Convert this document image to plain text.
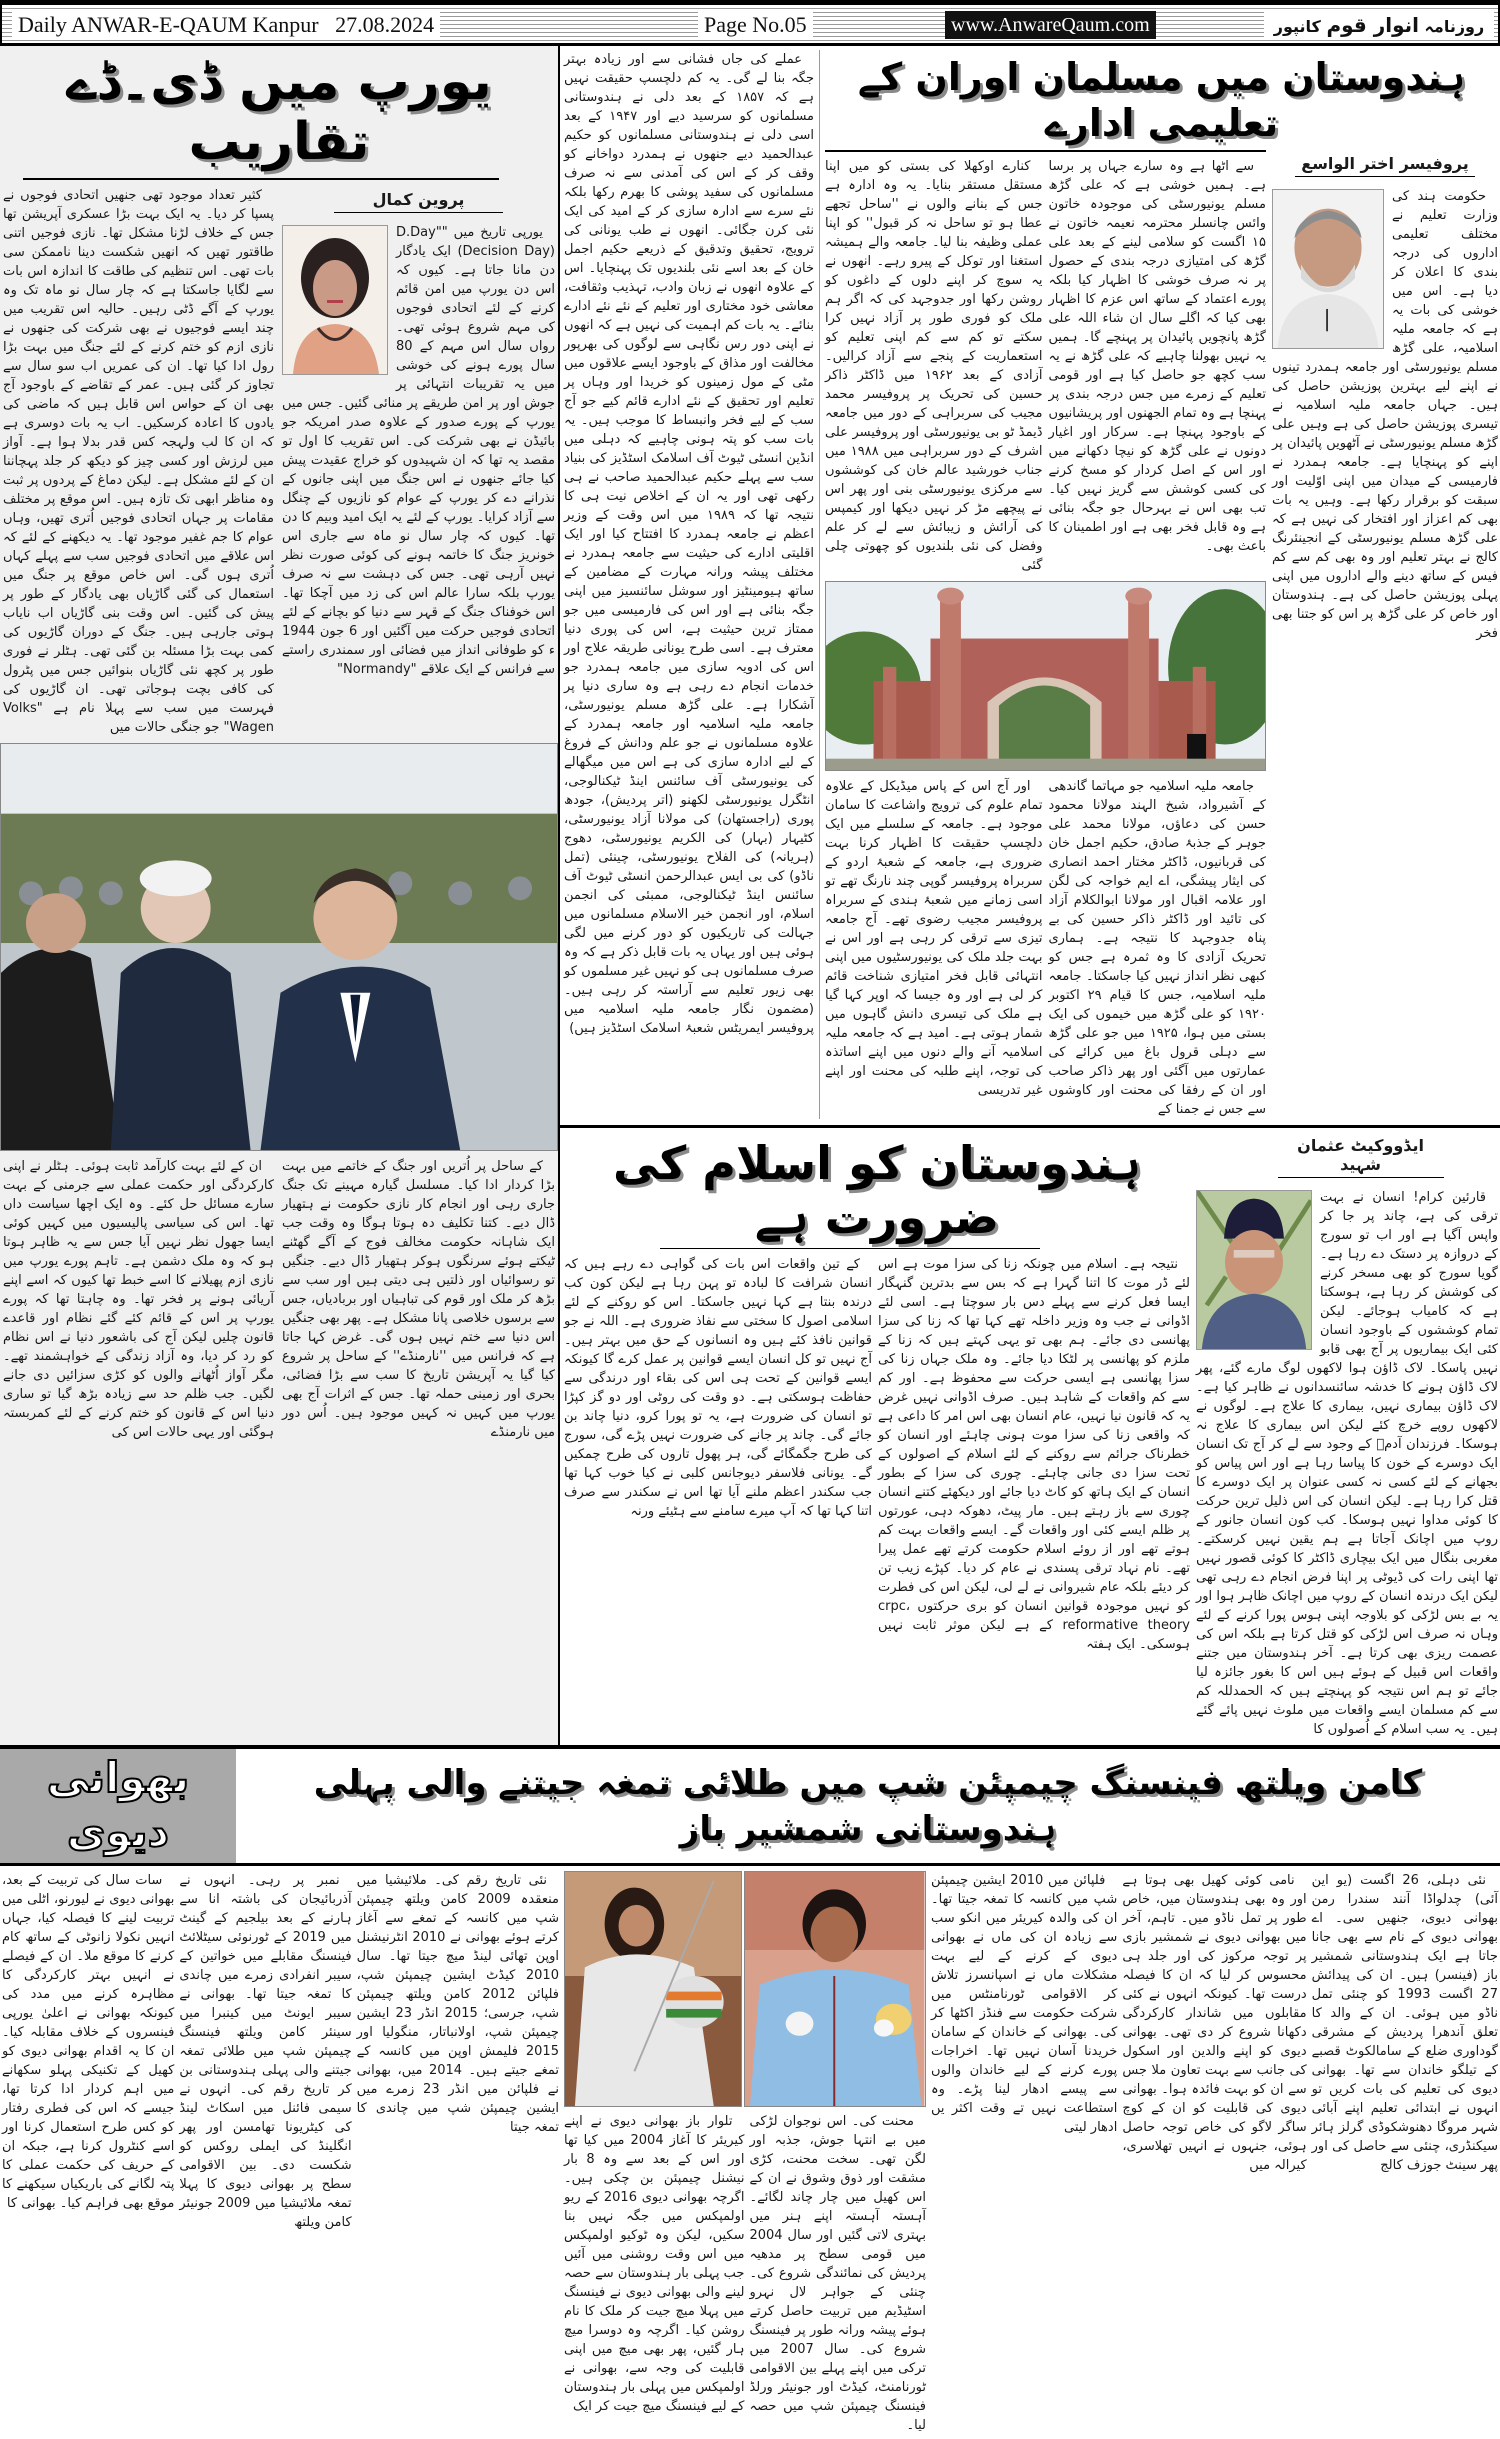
Daily ANWAR-E-QAUM Kanpur 27.08.2024	Page No.05	www.AnwareQaum.com	روزنامہ انوار قوم کانپور
یورپ میں ڈی۔ڈے تقاریب

کثیر تعداد موجود تھی جنھیں اتحادی فوجوں نے پسپا کر دیا۔ یہ ایک بہت بڑا عسکری آپریشن تھا جس کے خلاف لڑنا مشکل تھا۔ نازی فوجیں اتنی طاقتور تھیں کہ انھیں شکست دینا ناممکن سی بات تھی۔ اس تنظیم کی طاقت کا اندازہ اس بات سے لگایا جاسکتا ہے کہ چار سال نو ماہ تک وہ یورپ کے آگے ڈٹی رہیں۔ حالیہ اس تقریب میں چند ایسے فوجیوں نے بھی شرکت کی جنھوں نے نازی ازم کو ختم کرنے کے لئے جنگ میں بہت بڑا رول ادا کیا تھا۔ ان کی عمریں اب سو سال سے تجاوز کر گئی ہیں۔ عمر کے تقاضے کے باوجود آج بھی ان کے حواس اس قابل ہیں کہ ماضی کی یادوں کا اعادہ کرسکیں۔ اب یہ بات دوسری ہے کہ ان کا لب ولہجہ کس قدر بدلا ہوا ہے۔ آواز میں لرزش اور کسی چیز کو دیکھ کر جلد پہچاننا ان کے لئے مشکل ہے۔ لیکن دماغ کے پردوں پر ثبت وہ مناظر ابھی تک تازہ ہیں۔ اس موقع پر مختلف مقامات پر جہاں اتحادی فوجیں اُتری تھیں، وہاں عوام کا جم غفیر موجود تھا۔ یہ دیکھنے کے لئے کہ اس علاقے میں اتحادی فوجیں سب سے پہلے کہاں اُتری ہوں گی۔ اس خاص موقع پر جنگ میں استعمال کی گئی گاڑیاں بھی یادگار کے طور پر پیش کی گئیں۔ اس وقت بنی گاڑیاں اب نایاب ہوتی جارہی ہیں۔ جنگ کے دوران گاڑیوں کی کمی بہت بڑا مسئلہ بن گئی تھی۔ ہٹلر نے فوری طور پر کچھ نئی گاڑیاں بنوائیں جس میں پٹرول کی کافی بچت ہوجاتی تھی۔ ان گاڑیوں کی فہرست میں سب سے پہلا نام ہے "Volks Wagen" جو جنگی حالات میں

پروین کمال

یورپی تاریخ میں "D.Day" (Decision Day) ایک یادگار دن مانا جاتا ہے۔ کیوں کہ اس دن یورپ میں امن قائم کرنے کے لئے اتحادی فوجوں کی مہم شروع ہوئی تھی۔ رواں سال اس مہم کے 80 سال پورے ہونے کی خوشی میں یہ تقریبات انتہائی پر جوش اور پر امن طریقے پر منائی گئیں۔ جس میں یورپ کے پورے صدور کے علاوہ صدر امریکہ جو بائیڈن نے بھی شرکت کی۔ اس تقریب کا اول تو مقصد یہ تھا کہ ان شہیدوں کو خراج عقیدت پیش کیا جائے جنھوں نے اس جنگ میں اپنی جانوں کے نذرانے دے کر یورپ کے عوام کو نازیوں کے چنگل سے آزاد کرایا۔ یورپ کے لئے یہ ایک امید وبیم کا دن تھا۔ کیوں کہ چار سال نو ماہ سے جاری اس خونریز جنگ کا خاتمہ ہونے کی کوئی صورت نظر نہیں آرہی تھی۔ جس کی دہشت سے نہ صرف یورپ بلکہ سارا عالم اس کی زد میں آچکا تھا۔ اس خوفناک جنگ کے قہر سے دنیا کو بچانے کے لئے اتحادی فوجیں حرکت میں آگئیں اور 6 جون 1944 ء کو طوفانی انداز میں فضائی اور سمندری راستے سے فرانس کے ایک علاقے "Normandy"

ان کے لئے بہت کارآمد ثابت ہوئی۔ ہٹلر نے اپنی کارکردگی اور حکمت عملی سے جرمنی کے بہت سارے مسائل حل کئے۔ وہ ایک اچھا سیاست داں تھا۔ اس کی سیاسی پالیسیوں میں کہیں کوئی ایسا جھول نظر نہیں آیا جس سے یہ ظاہر ہوتا ہو کہ وہ ملک دشمن ہے۔ تاہم پورے یورپ میں نازی ازم پھیلانے کا اسے خبط تھا کیوں کہ اسے اپنے آریائی ہونے پر فخر تھا۔ وہ چاہتا تھا کہ پورے یورپ پر اس کے قائم کئے گئے نظام اور قاعدے قانون چلیں لیکن آج کی باشعور دنیا نے اس نظام کو رد کر دیا، وہ آزاد زندگی کے خواہشمند تھے۔ مگر آواز اُٹھانے والوں کو کڑی سزائیں دی جانے لگیں۔ جب ظلم حد سے زیادہ بڑھ گیا تو ساری دنیا اس کے قانون کو ختم کرنے کے لئے کمربستہ ہوگئی اور یہی حالات اس کی

کے ساحل پر اُتریں اور جنگ کے خاتمے میں بہت بڑا کردار ادا کیا۔ مسلسل گیارہ مہینے تک جنگ جاری رہی اور انجام کار نازی حکومت نے ہتھیار ڈال دیے۔ کتنا تکلیف دہ ہوتا ہوگا وہ وقت جب ایک شاہانہ حکومت مخالف فوج کے آگے گھٹنے ٹیکتے ہوئے سرنگوں ہوکر ہتھیار ڈال دیے۔ جنگیں تو رسوائیاں اور ذلتیں ہی دیتی ہیں اور سب سے بڑھ کر ملک اور قوم کی تباہیاں اور بربادیاں، جس سے برسوں خلاصی پانا مشکل ہے۔ پھر بھی جنگیں اس دنیا سے ختم نہیں ہوں گی۔ غرض کہا جاتا ہے کہ فرانس میں ''نارمنڈے'' کے ساحل پر شروع کیا گیا یہ آپریشن تاریخ کا سب سے بڑا فضائی، بحری اور زمینی حملہ تھا۔ جس کے اثرات آج بھی یورپ میں کہیں نہ کہیں موجود ہیں۔ اُس دور میں نارمنڈے

عملے کی جاں فشانی سے اور زیادہ بہتر جگہ بنا لے گی۔ یہ کم دلچسپ حقیقت نہیں ہے کہ ۱۸۵۷ کے بعد دلی نے ہندوستانی مسلمانوں کو سرسید دیے اور ۱۹۴۷ کے بعد اسی دلی نے ہندوستانی مسلمانوں کو حکیم عبدالحمید دیے جنھوں نے ہمدرد دواخانے کو وقف کر کے اس کی آمدنی سے نہ صرف مسلمانوں کی سفید پوشی کا بھرم رکھا بلکہ نئے سرے سے ادارہ سازی کر کے امید کی ایک نئی کرن جگائی۔ انھوں نے طب یونانی کی ترویج، تحقیق وتدقیق کے ذریعے حکیم اجمل خان کے بعد اسے نئی بلندیوں تک پہنچایا۔ اس کے علاوہ انھوں نے زبان وادب، تہذیب وثقافت، معاشی خود مختاری اور تعلیم کے نئے نئے ادارے بنائے۔ یہ بات کم اہمیت کی نہیں ہے کہ انھوں نے اپنی دور رس نگاہی سے لوگوں کی بھرپور مخالفت اور مذاق کے باوجود ایسے علاقوں میں مٹی کے مول زمینوں کو خریدا اور وہاں پر تعلیم اور تحقیق کے نئے ادارے قائم کیے جو آج سب کے لیے فخر وانبساط کا موجب ہیں۔ یہ بات سب کو پتہ ہونی چاہیے کہ دہلی میں انڈین انسٹی ٹیوٹ آف اسلامک اسٹڈیز کی بنیاد سب سے پہلے حکیم عبدالحمید صاحب نے ہی رکھی تھی اور یہ ان کے اخلاص نیت ہی کا نتیجہ تھا کہ ۱۹۸۹ میں اس وقت کے وزیر اعظم نے جامعہ ہمدرد کا افتتاح کیا اور ایک اقلیتی ادارے کی حیثیت سے جامعہ ہمدرد نے مختلف پیشہ ورانہ مہارت کے مضامین کے ساتھ ہیومینٹیز اور سوشل سائنسیز میں اپنی جگہ بنائی ہے اور اس کی فارمیسی میں جو ممتاز ترین حیثیت ہے، اس کی پوری دنیا معترف ہے۔ اسی طرح یونانی طریقہ علاج اور اس کی ادویہ سازی میں جامعہ ہمدرد جو خدمات انجام دے رہی ہے وہ ساری دنیا پر آشکارا ہے۔ علی گڑھ مسلم یونیورسٹی، جامعہ ملیہ اسلامیہ اور جامعہ ہمدرد کے علاوہ مسلمانوں نے جو علم ودانش کے فروغ کے لیے ادارہ سازی کی ہے اس میں میگھالے کی یونیورسٹی آف سائنس اینڈ ٹیکنالوجی، انٹگرل یونیورسٹی لکھنو (اتر پردیش)، جودھ پوری (راجستھان) کی مولانا آزاد یونیورسٹی، کٹیہار (بہار) کی الکریم یونیورسٹی، دھوج (ہریانہ) کی الفلاح یونیورسٹی، چینئی (تمل ناڈو) کی بی ایس عبدالرحمن انسٹی ٹیوٹ آف سائنس اینڈ ٹیکنالوجی، ممبئی کی انجمن اسلام، اور انجمن خیر الاسلام مسلمانوں میں جہالت کی تاریکیوں کو دور کرنے میں لگی ہوئی ہیں اور یہاں یہ بات قابل ذکر ہے کہ وہ صرف مسلمانوں ہی کو نہیں غیر مسلموں کو بھی زیور تعلیم سے آراستہ کر رہی ہیں۔ (مضمون نگار جامعہ ملیہ اسلامیہ میں پروفیسر ایمریٹس شعبۂ اسلامک اسٹڈیز ہیں)

ہندوستان میں مسلمان اوران کے تعلیمی ادارے

کنارے اوکھلا کی بستی کو میں اپنا مستقل مستقر بنایا۔ یہ وہ ادارہ ہے جس کے بنانے والوں نے ''ساحل تجھے عطا ہو تو ساحل نہ کر قبول'' کو اپنا عملی وظیفہ بنا لیا۔ جامعہ والے ہمیشہ استغنا اور توکل کے پیرو رہے۔ انھوں نے یہ سوچ کر اپنے دلوں کے داغوں کو روشن رکھا اور جدوجہد کی کہ اگر ہم ملک کو فوری طور پر آزاد نہیں کرا سکتے تو کم سے کم اپنی تعلیم کو استعماریت کے پنجے سے آزاد کرالیں۔ آزادی کے بعد ۱۹۶۲ میں ڈاکٹر ذاکر حسین کی تحریک پر پروفیسر محمد مجیب کی سربراہی کے دور میں جامعہ ڈیمڈ ٹو بی یونیورسٹی اور پروفیسر علی اشرف کے دور سربراہی میں ۱۹۸۸ میں جناب خورشید عالم خان کی کوششوں سے مرکزی یونیورسٹی بنی اور پھر اس نے پیچھے مڑ کر نہیں دیکھا اور کیمپس کی آرائش و زیبائش سے لے کر علم وفضل کی نئی بلندیوں کو چھوتی چلی گئی

سے اٹھا ہے وہ سارے جہاں پر برسا ہے۔ ہمیں خوشی ہے کہ علی گڑھ مسلم یونیورسٹی کی موجودہ خاتون وائس چانسلر محترمہ نعیمہ خاتون نے ۱۵ اگست کو سلامی لینے کے بعد علی گڑھ کی امتیازی درجہ بندی کے حصول پر نہ صرف خوشی کا اظہار کیا بلکہ پورے اعتماد کے ساتھ اس عزم کا اظہار بھی کیا کہ اگلے سال ان شاء اللہ علی گڑھ پانچویں پائیدان پر پہنچے گا۔ ہمیں یہ نہیں بھولنا چاہیے کہ علی گڑھ نے یہ سب کچھ جو حاصل کیا ہے اور قومی تعلیم کے زمرے میں جس درجہ بندی پر پہنچا ہے وہ تمام الجھنوں اور پریشانیوں کے باوجود پہنچا ہے۔ سرکار اور اغیار دونوں نے علی گڑھ کو نیچا دکھانے میں اور اس کے اصل کردار کو مسخ کرنے کی کسی کوشش سے گریز نہیں کیا۔ تب بھی اس نے بہرحال جو جگہ بنائی ہے وہ قابل فخر بھی ہے اور اطمینان کا باعث بھی۔

اور آج اس کے پاس میڈیکل کے علاوہ تمام علوم کی ترویج واشاعت کا سامان موجود ہے۔ جامعہ کے سلسلے میں ایک دلچسپ حقیقت کا اظہار کرنا بہت ضروری ہے، جامعہ کے شعبۂ اردو کے سربراہ پروفیسر گوپی چند نارنگ تھے تو اسی زمانے میں شعبۂ ہندی کے سربراہ پروفیسر مجیب رضوی تھے۔ آج جامعہ تیزی سے ترقی کر رہی ہے اور اس نے بہت جلد ملک کی یونیورسٹیوں میں اپنی انتہائی قابل فخر امتیازی شناخت قائم کر لی ہے اور وہ جیسا کہ اوپر کہا گیا ہے ملک کی تیسری دانش گاہوں میں شمار ہوتی ہے۔ امید ہے کہ جامعہ ملیہ اسلامیہ آنے والے دنوں میں اپنے اساتذہ کی توجہ، اپنے طلبہ کی محنت اور اپنے غیر تدریسی

جامعہ ملیہ اسلامیہ جو مہاتما گاندھی کے آشیرواد، شیخ الہند مولانا محمود حسن کی دعاؤں، مولانا محمد علی جوہر کے جذبۂ صادق، حکیم اجمل خان کی قربانیوں، ڈاکٹر مختار احمد انصاری کی ایثار پیشگی، اے ایم خواجہ کی لگن اور علامہ اقبال اور مولانا ابوالکلام آزاد کی تائید اور ڈاکٹر ذاکر حسین کی بے پناہ جدوجہد کا نتیجہ ہے۔ ہماری تحریک آزادی کا وہ ثمرہ ہے جس کو کبھی نظر انداز نہیں کیا جاسکتا۔ جامعہ ملیہ اسلامیہ، جس کا قیام ۲۹ اکتوبر ۱۹۲۰ کو علی گڑھ میں خیموں کی ایک بستی میں ہوا، ۱۹۲۵ میں جو علی گڑھ سے دہلی قرول باغ میں کرائے کی عمارتوں میں آگئی اور پھر ذاکر صاحب اور ان کے رفقا کی محنت اور کاوشوں سے جس نے جمنا کے

پروفیسر اختر الواسع

حکومت ہند کی وزارت تعلیم نے مختلف تعلیمی اداروں کی درجہ بندی کا اعلان کر دیا ہے۔ اس میں خوشی کی بات یہ ہے کہ جامعہ ملیہ اسلامیہ، علی گڑھ مسلم یونیورسٹی اور جامعہ ہمدرد تینوں نے اپنے لیے بہترین پوزیشن حاصل کی ہیں۔ جہاں جامعہ ملیہ اسلامیہ نے تیسری پوزیشن حاصل کی ہے وہیں علی گڑھ مسلم یونیورسٹی نے آٹھویں پائیدان پر اپنے کو پہنچایا ہے۔ جامعہ ہمدرد نے فارمیسی کے میدان میں اپنی اوّلیت اور سبقت کو برقرار رکھا ہے۔ وہیں یہ بات بھی کم اعزاز اور افتخار کی نہیں ہے کہ علی گڑھ مسلم یونیورسٹی کے انجینئرنگ کالج نے بہتر تعلیم اور وہ بھی کم سے کم فیس کے ساتھ دینے والے اداروں میں اپنی پہلی پوزیشن حاصل کی ہے۔ ہندوستان اور خاص کر علی گڑھ پر اس کو جتنا بھی فخر

ہندوستان کو اسلام کی ضرورت ہے

کے تین واقعات اس بات کی گواہی دے رہے ہیں کہ انسان شرافت کا لبادہ تو پہن رہا ہے لیکن کون کب درندہ بنتا ہے کہا نہیں جاسکتا۔ اس کو روکنے کے لئے اسلامی اصول کا سختی سے نفاذ ضروری ہے۔ اللہ نے جو قوانین نافذ کئے ہیں وہ انسانوں کے حق میں بہتر ہیں۔ آج نہیں تو کل انسان ایسے قوانین پر عمل کرے گا کیونکہ ایسے قوانین کے تحت ہی اس کی بقاء اور درندگی سے حفاظت ہوسکتی ہے۔ دو وقت کی روٹی اور دو گز کپڑا تو انسان کی ضرورت ہے، یہ تو پورا کرو، دنیا چاند بن جائے گی۔ چاند پر جانے کی ضرورت نہیں پڑے گی، سورج کی طرح جگمگائے گی، ہر پھول تاروں کی طرح چمکیں گے۔ یونانی فلاسفر دیوجانس کلبی نے کیا خوب کہا تھا جب سکندر اعظم ملنے آیا تھا اس نے سکندر سے صرف اتنا کہا تھا کہ آپ میرے سامنے سے ہٹیئے ورنہ

نتیجہ ہے۔ اسلام میں چونکہ زنا کی سزا موت ہے اس لئے ڈر موت کا اتنا گہرا ہے کہ بس سے بدترین گنہگار ایسا فعل کرنے سے پہلے دس بار سوچتا ہے۔ اسی لئے اڈوانی نے جب وہ وزیر داخلہ تھے کہا تھا کہ زنا کی سزا پھانسی دی جائے۔ ہم بھی تو یہی کہتے ہیں کہ زنا کے ملزم کو پھانسی پر لٹکا دیا جائے۔ وہ ملک جہاں زنا کی سزا پھانسی ہے ایسی حرکت سے محفوظ ہے۔ اور کم سے کم واقعات کے شاہد ہیں۔ صرف اڈوانی نہیں غرض یہ کہ قانون نیا نہیں، عام انسان بھی اس امر کا داعی ہے کہ واقعی زنا کی سزا موت ہونی چاہئے اور انسان کو خطرناک جرائم سے روکنے کے لئے اسلام کے اصولوں کے تحت سزا دی جانی چاہئے۔ چوری کی سزا کے بطور انسان کے ایک ہاتھ کو کاٹ دیا جائے اور دیکھئے کتنے انسان چوری سے باز رہتے ہیں۔ مار پیٹ، دھوکہ دہی، عورتوں پر ظلم ایسے کئی اور واقعات گے۔ ایسے واقعات بہت کم ہوتے تھے اور از روئے اسلام حکومت کرتے تھے عمل پیرا تھے۔ نام نہاد ترقی پسندی نے عام کر دیا۔ کپڑے زیب تن کر دیئے بلکہ عام شیروانی نے لے لی، لیکن اس کی فطرت کو نہیں موجودہ قوانین انسان کو بری حرکتوں crpc، reformative theory کے ہے لیکن موثر ثابت نہیں ہوسکی۔ ایک ہفتہ

ایڈووکیٹ عثمان شہید

قارئین کرام! انسان نے بہت ترقی کی ہے، چاند پر جا کر واپس آگیا ہے اور اب تو سورج کے دروازہ پر دستک دے رہا ہے۔ گویا سورج کو بھی مسخر کرنے کی کوشش کر رہا ہے، ہوسکتا ہے کہ کامیاب ہوجائے۔ لیکن تمام کوششوں کے باوجود انسان کئی ایک بیماریوں پر آج بھی قابو نہیں پاسکا۔ لاک ڈاؤن ہوا لاکھوں لوگ مارے گئے، پھر لاک ڈاؤن ہونے کا خدشہ سائنسدانوں نے ظاہر کیا ہے۔ لاک ڈاؤن بیماری نہیں، بیماری کا علاج ہے۔ لوگوں نے لاکھوں روپے خرچ کئے لیکن اس بیماری کا علاج نہ ہوسکا۔ فرزندان آدمؑ کے وجود سے لے کر آج تک انسان ایک دوسرے کے خون کا پیاسا رہا ہے اور اس پیاس کو بجھانے کے لئے کسی نہ کسی عنوان پر ایک دوسرے کا قتل کرا رہا ہے۔ لیکن انسان کی اس ذلیل ترین حرکت کا کوئی مداوا نہیں ہوسکا۔ کب کون انسان جانور کے روپ میں اچانک آجاتا ہے ہم یقین نہیں کرسکتے۔ مغربی بنگال میں ایک بیچاری ڈاکٹر کا کوئی قصور نہیں تھا اپنی رات کی ڈیوٹی پر اپنا فرض انجام دے رہی تھی لیکن ایک درندہ انسان کے روپ میں اچانک ظاہر ہوا اور یہ بے بس لڑکی کو بلاوجہ اپنی ہوس پورا کرنے کے لئے وہاں نہ صرف اس لڑکی کو قتل کرتا ہے بلکہ اس کی عصمت ریزی بھی کرتا ہے۔ آخر ہندوستان میں جتنے واقعات اس قبیل کے ہوئے ہیں اس کا بغور جائزہ لیا جائے تو ہم اس نتیجہ کو پہنچتے ہیں کہ الحمدللہ کم سے کم مسلمان ایسے واقعات میں ملوث نہیں پائے گئے ہیں۔ یہ سب اسلام کے اُصولوں کا

بھوانی
دیوی
کامن ویلتھ فینسنگ چیمپئن شپ میں طلائی تمغہ جیتنے والی پہلی ہندوستانی شمشیر باز

سات سال کی تربیت کے بعد، بھوانی دیوی نے لیورنو، اٹلی میں تربیت لینے کا فیصلہ کیا، جہاں انہیں نکولا زانوٹی کے ساتھ کام کرنے کا موقع ملا۔ ان کے فیصلے نے انہیں بہتر کارکردگی کا مظاہرہ کرنے میں مدد کی کیونکہ بھوانی نے اعلیٰ یورپی فینسروں کے خلاف مقابلہ کیا۔ ان کا یہ اقدام بھوانی دیوی کو کھیل کے تکنیکی پہلو سکھانے میں اہم کردار ادا کرتا تھا، جیسے کہ اس کی فطری رفتار کو کس طرح استعمال کرنا اور اسے کنٹرول کرنا ہے، جبکہ ان کے حریف کی حکمت عملی کا پتہ لگانے کی باریکیاں سیکھنے کا موقع بھی فراہم کیا۔ بھوانی کا

نمبر پر رہی۔ انہوں نے آذربائیجان کی باشتہ انا سے ہارنے کے بعد بیلجیم کے گینٹ میں 2019 کے ٹورنوئی سیٹلائٹ فینسنگ مقابلے میں خواتین کے سیبر انفرادی زمرے میں چاندی کا تمغہ جیتا تھا۔ بھوانی نے سیبر ایونٹ میں کینبرا میں سینئر کامن ویلتھ فینسنگ چیمپئن شپ میں طلائی تمغہ جیتنے والی پہلی ہندوستانی بن کر تاریخ رقم کی۔ انہوں نے سیمی فائنل میں اسکاٹ لینڈ کی کیٹریونا تھامسن اور پھر انگلینڈ کی ایملی روکس کو شکست دی۔ بین الاقوامی سطح پر بھوانی دیوی کا پہلا تمغہ ملائیشیا میں 2009 جونیئر کامن ویلتھ

نئی تاریخ رقم کی۔ ملائیشیا میں منعقدہ 2009 کامن ویلتھ چیمپئن شپ میں کانسہ کے تمغے سے آغاز کرتے ہوئے بھوانی نے 2010 انٹرنیشنل اوپن تھائی لینڈ میچ جیتا تھا۔ سال 2010 کیڈٹ ایشین چیمپئن شپ، فلپائن 2012 کامن ویلتھ چیمپئن شپ، جرسی؛ 2015 انڈر 23 ایشین چیمپئن شپ، اولانباتار، منگولیا اور 2015 فلیمش اوپن میں کانسہ کے تمغے جیتے ہیں۔ 2014 میں، بھوانی نے فلپائن میں انڈر 23 زمرے میں ایشین چیمپئن شپ میں چاندی کا تمغہ جیتا تلوار باز بھوانی دیوی نے اپنے کیریئر کا آغاز 2004 میں کیا تھا اور اس کے بعد سے وہ 8 بار نیشنل چیمپئن بن چکی ہیں۔ اگرچہ بھوانی دیوی 2016 کے ریو اولمپکس میں جگہ نہیں بنا سکیں، لیکن وہ ٹوکیو اولمپکس میں اس وقت روشنی میں آئیں جب پہلی بار ہندوستان سے حصہ لینے والی بھوانی دیوی نے فینسنگ میں پہلا میچ جیت کر ملک کا نام روشن کیا۔ اگرچہ وہ دوسرا میچ ہار گئیں، پھر بھی میچ میں اپنی قابلیت کی وجہ سے، بھوانی نے اولمپکس میں پہلی بار ہندوستان کے لیے فینسنگ میچ جیت کر ایک

محنت کی۔ اس نوجوان لڑکی میں بے انتہا جوش، جذبہ اور لگن تھی۔ سخت محنت، کڑی مشقت اور ذوق وشوق نے ان کے اس کھیل میں چار چاند لگائے۔ آہستہ آہستہ اپنے ہنر میں بہتری لاتی گئیں اور سال 2004 میں قومی سطح پر مدھیہ پردیش کی نمائندگی شروع کی۔ چنئی کے جواہر لال نہرو اسٹیڈیم میں تربیت حاصل کرتے ہوئے پیشہ ورانہ طور پر فینسنگ شروع کی۔ سال 2007 میں ترکی میں اپنے پہلے بین الاقوامی ٹورنامنٹ، کیڈٹ اور جونیئر ورلڈ فینسنگ چیمپئن شپ میں حصہ لیا۔

فلپائن میں 2010 ایشین چیمپئن شپ میں کانسہ کا تمغہ جیتا تھا۔ ان کی والدہ کیریئر میں انکو سب سے زیادہ ان کی ماں نے بھوانی دیوی کے کرنے کے لیے بہت مشکلات ماں نے اسپانسرز تلاش کر الاقوامی ٹورنامنٹس میں شرکت حکومت سے فنڈز اکٹھا کر کی۔ بھوانی کے خاندان کے سامان خریدنا آسان نہیں تھا۔ اخراجات پورے کرنے کے لیے خاندان والوں سے پیسے ادھار لینا پڑے۔ وہ استطاعت نہیں تے وقت اکثر یں ادھار لیتی

نامی کوئی کھیل بھی ہوتا ہے اور وہ بھی ہندوستان میں، خاص طور پر تمل ناڈو میں۔ تاہم، آخر میں بھوانی دیوی نے شمشیر بازی پر توجہ مرکوز کی اور جلد ہی محسوس کر لیا کہ ان کا فیصلہ درست تھا۔ کیونکہ انہوں نے کئی مقابلوں میں شاندار کارکردگی دکھانا شروع کر دی تھی۔ بھوانی دیوی کو اپنے والدین اور اسکول کی جانب سے بہت تعاون ملا جس سے ان کو بہت فائدہ ہوا۔ بھوانی دیوی کی قابلیت کو ان کے کوچ ساگر لاگو کی خاص توجہ حاصل ہوئی، جنہوں نے انہیں تھلاسری، کیرالہ میں

نئی دہلی، 26 اگست (یو این آئی) چدلواڈا آنند سندرا رمن بھوانی دیوی، جنھیں سی۔ اے بھوانی دیوی کے نام سے بھی جانا جاتا ہے ایک ہندوستانی شمشیر باز (فینسر) ہیں۔ ان کی پیدائش 27 اگست 1993 کو چنئی تمل ناڈو میں ہوئی۔ ان کے والد کا تعلق آندھرا پردیش کے مشرقی گوداوری ضلع کے سامالکوٹ قصبے کے تیلگو خاندان سے تھا۔ بھوانی دیوی کی تعلیم کی بات کریں تو انہوں نے ابتدائی تعلیم اپنے آبائی شہر مروگا دھنوشکوڈی گرلز ہائر سیکنڈری، چنئی سے حاصل کی اور پھر سینٹ جوزف کالج
